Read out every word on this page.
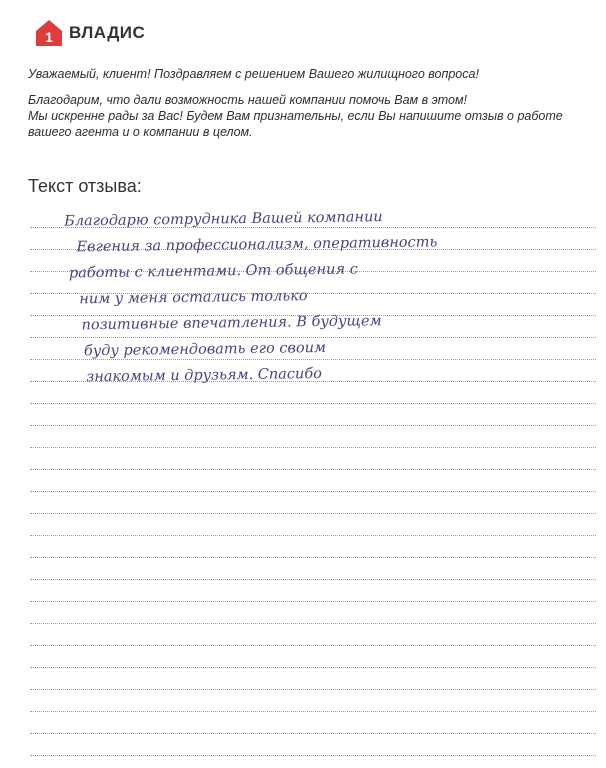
1 ВЛАДИС

Уважаемый, клиент! Поздравляем с решением Вашего жилищного вопроса!

Благодарим, что дали возможность нашей компании помочь Вам в этом!

Мы искренне рады за Вас! Будем Вам признательны, если Вы напишите отзыв о работе

вашего агента и о компании в целом.

Текст отзыва:
Благодарю сотрудника Вашей компании
Евгения за профессионализм, оперативность
работы с клиентами. От общения с
ним у меня остались только
позитивные впечатления. В будущем
буду рекомендовать его своим
знакомым и друзьям. Спасибо
